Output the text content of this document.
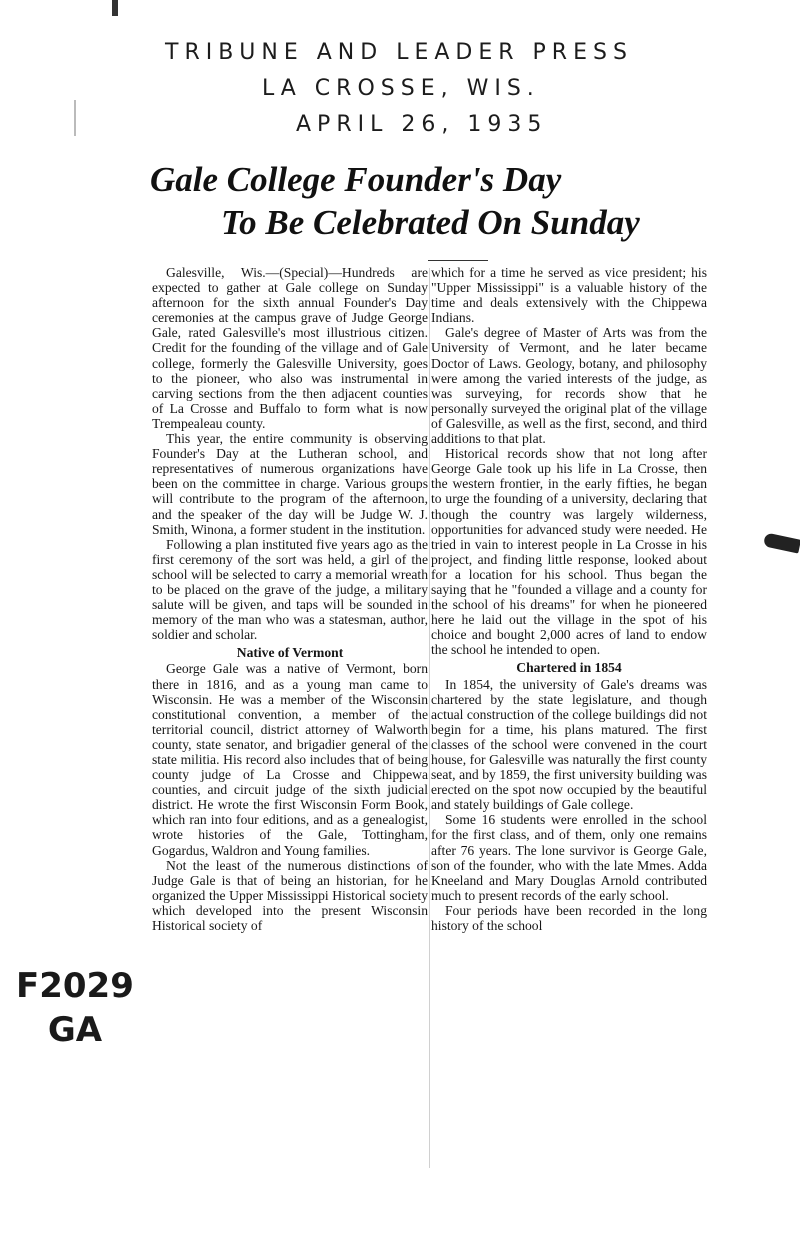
TRIBUNE AND LEADER PRESS
LA CROSSE, WIS.
APRIL 26, 1935
F2029
GA
Gale College Founder's Day
To Be Celebrated On Sunday

Galesville, Wis.—(Special)—Hundreds are expected to gather at Gale college on Sunday afternoon for the sixth annual Founder's Day ceremonies at the campus grave of Judge George Gale, rated Galesville's most illustrious citizen. Credit for the founding of the village and of Gale college, formerly the Galesville University, goes to the pioneer, who also was instrumental in carving sections from the then adjacent counties of La Crosse and Buffalo to form what is now Trempealeau county.

This year, the entire community is observing Founder's Day at the Lutheran school, and representatives of numerous organizations have been on the committee in charge. Various groups will contribute to the program of the afternoon, and the speaker of the day will be Judge W. J. Smith, Winona, a former student in the institution.

Following a plan instituted five years ago as the first ceremony of the sort was held, a girl of the school will be selected to carry a memorial wreath to be placed on the grave of the judge, a military salute will be given, and taps will be sounded in memory of the man who was a statesman, author, soldier and scholar.

Native of Vermont

George Gale was a native of Vermont, born there in 1816, and as a young man came to Wisconsin. He was a member of the Wisconsin constitutional convention, a member of the territorial council, district attorney of Walworth county, state senator, and brigadier general of the state militia. His record also includes that of being county judge of La Crosse and Chippewa counties, and circuit judge of the sixth judicial district. He wrote the first Wisconsin Form Book, which ran into four editions, and as a genealogist, wrote histories of the Gale, Tottingham, Gogardus, Waldron and Young families.

Not the least of the numerous distinctions of Judge Gale is that of being an historian, for he organized the Upper Mississippi Historical society which developed into the present Wisconsin Historical society of

which for a time he served as vice president; his "Upper Mississippi" is a valuable history of the time and deals extensively with the Chippewa Indians.

Gale's degree of Master of Arts was from the University of Vermont, and he later became Doctor of Laws. Geology, botany, and philosophy were among the varied interests of the judge, as was surveying, for records show that he personally surveyed the original plat of the village of Galesville, as well as the first, second, and third additions to that plat.

Historical records show that not long after George Gale took up his life in La Crosse, then the western frontier, in the early fifties, he began to urge the founding of a university, declaring that though the country was largely wilderness, opportunities for advanced study were needed. He tried in vain to interest people in La Crosse in his project, and finding little response, looked about for a location for his school. Thus began the saying that he "founded a village and a county for the school of his dreams" for when he pioneered here he laid out the village in the spot of his choice and bought 2,000 acres of land to endow the school he intended to open.

Chartered in 1854

In 1854, the university of Gale's dreams was chartered by the state legislature, and though actual construction of the college buildings did not begin for a time, his plans matured. The first classes of the school were convened in the court house, for Galesville was naturally the first county seat, and by 1859, the first university building was erected on the spot now occupied by the beautiful and stately buildings of Gale college.

Some 16 students were enrolled in the school for the first class, and of them, only one remains after 76 years. The lone survivor is George Gale, son of the founder, who with the late Mmes. Adda Kneeland and Mary Douglas Arnold contributed much to present records of the early school.

Four periods have been recorded in the long history of the school
